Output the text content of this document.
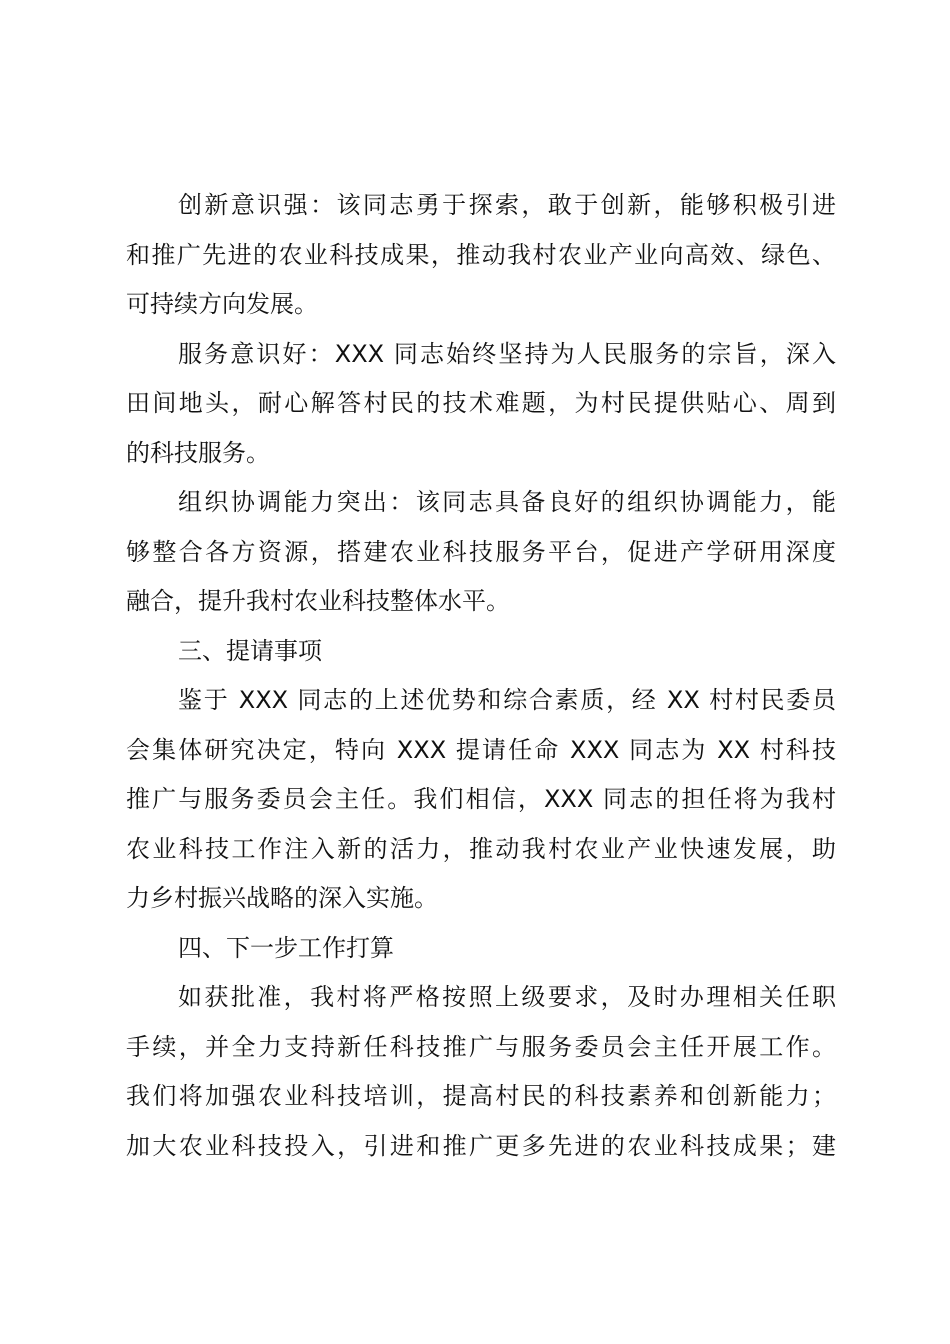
创新意识强：该同志勇于探索，敢于创新，能够积极引进
和推广先进的农业科技成果，推动我村农业产业向高效、绿色、
可持续方向发展。

服务意识好：XXX 同志始终坚持为人民服务的宗旨，深入
田间地头，耐心解答村民的技术难题，为村民提供贴心、周到
的科技服务。

组织协调能力突出：该同志具备良好的组织协调能力，能
够整合各方资源，搭建农业科技服务平台，促进产学研用深度
融合，提升我村农业科技整体水平。

三、提请事项

鉴于 XXX 同志的上述优势和综合素质，经 XX 村村民委员
会集体研究决定，特向 XXX 提请任命 XXX 同志为 XX 村科技
推广与服务委员会主任。我们相信，XXX 同志的担任将为我村
农业科技工作注入新的活力，推动我村农业产业快速发展，助
力乡村振兴战略的深入实施。

四、下一步工作打算

如获批准，我村将严格按照上级要求，及时办理相关任职
手续，并全力支持新任科技推广与服务委员会主任开展工作。
我们将加强农业科技培训，提高村民的科技素养和创新能力；
加大农业科技投入，引进和推广更多先进的农业科技成果；建
